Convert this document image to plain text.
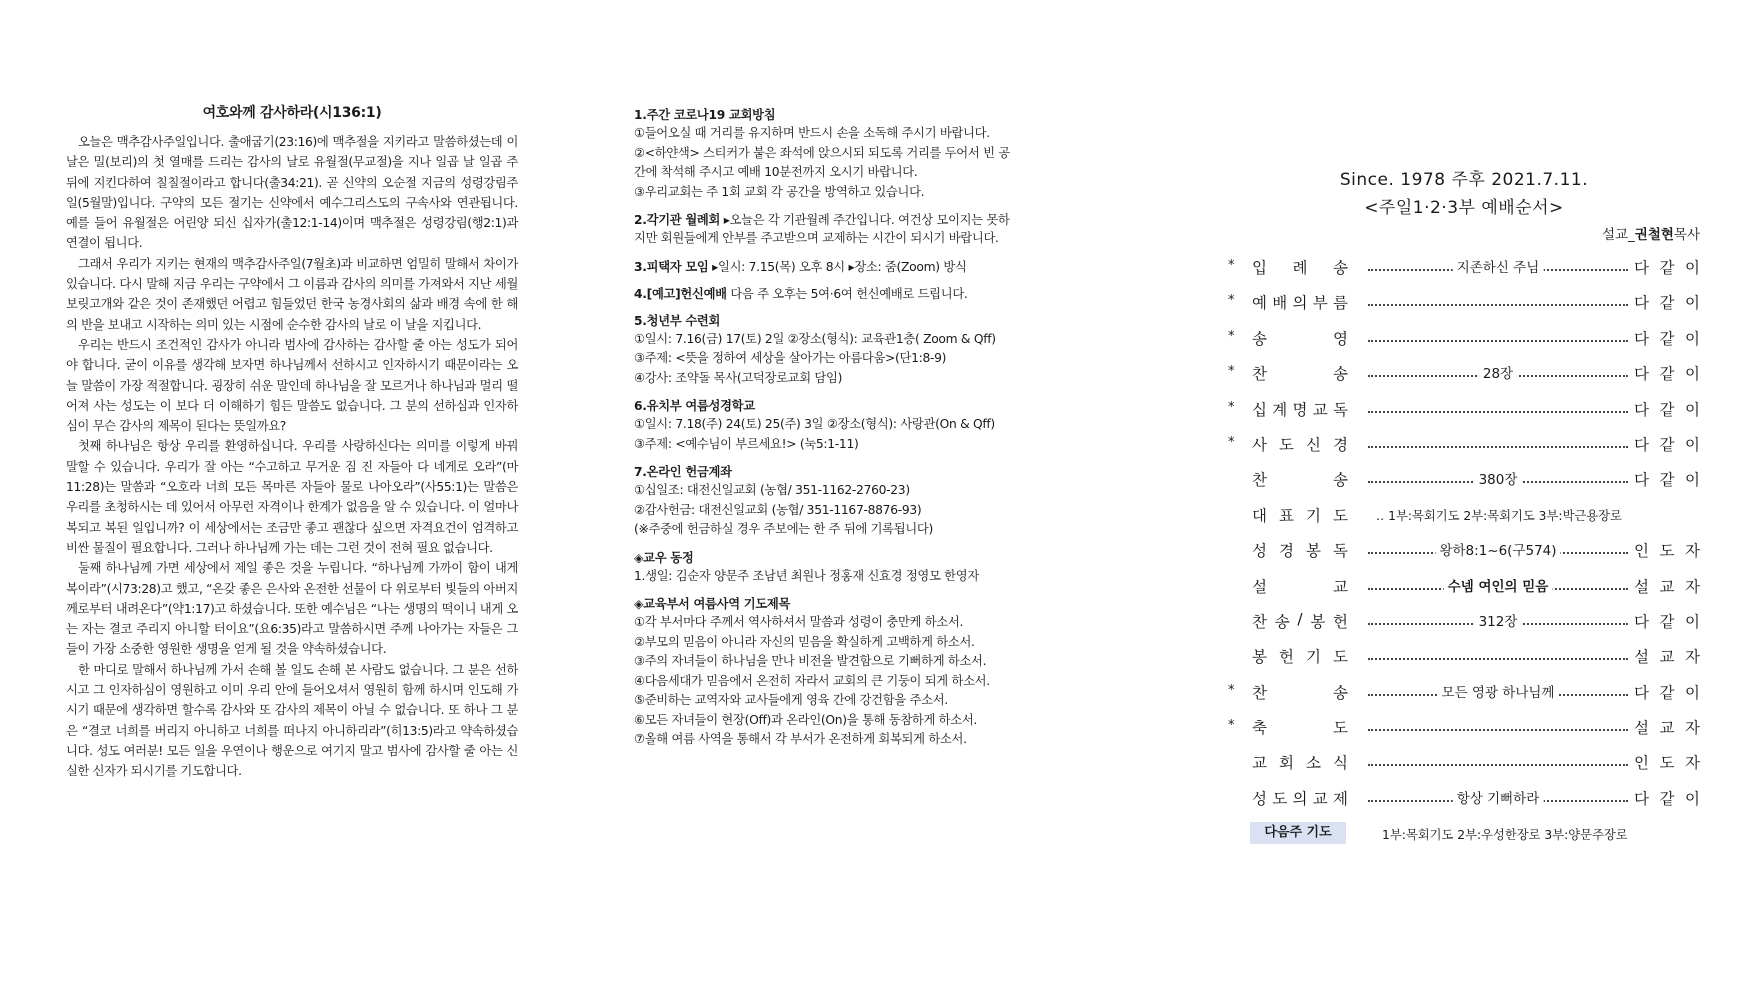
여호와께 감사하라(시136:1)

오늘은 맥추감사주일입니다. 출애굽기(23:16)에 맥추절을 지키라고 말씀하셨는데 이 날은 밀(보리)의 첫 열매를 드리는 감사의 날로 유월절(무교절)을 지나 일곱 날 일곱 주 뒤에 지킨다하여 칠칠절이라고 합니다(출34:21). 곧 신약의 오순절 지금의 성령강림주일(5월말)입니다. 구약의 모든 절기는 신약에서 예수그리스도의 구속사와 연관됩니다. 예를 들어 유월절은 어린양 되신 십자가(출12:1-14)이며 맥추절은 성령강림(행2:1)과 연결이 됩니다.

그래서 우리가 지키는 현재의 맥추감사주일(7월초)과 비교하면 엄밀히 말해서 차이가 있습니다. 다시 말해 지금 우리는 구약에서 그 이름과 감사의 의미를 가져와서 지난 세월 보릿고개와 같은 것이 존재했던 어렵고 힘들었던 한국 농경사회의 삶과 배경 속에 한 해의 반을 보내고 시작하는 의미 있는 시점에 순수한 감사의 날로 이 날을 지킵니다.

우리는 반드시 조건적인 감사가 아니라 범사에 감사하는 감사할 줄 아는 성도가 되어야 합니다. 굳이 이유를 생각해 보자면 하나님께서 선하시고 인자하시기 때문이라는 오늘 말씀이 가장 적절합니다. 굉장히 쉬운 말인데 하나님을 잘 모르거나 하나님과 멀리 떨어져 사는 성도는 이 보다 더 이해하기 힘든 말씀도 없습니다. 그 분의 선하심과 인자하심이 무슨 감사의 제목이 된다는 뜻일까요?

첫째 하나님은 항상 우리를 환영하십니다. 우리를 사랑하신다는 의미를 이렇게 바꿔 말할 수 있습니다. 우리가 잘 아는 “수고하고 무거운 짐 진 자들아 다 네게로 오라”(마11:28)는 말씀과 “오호라 너희 모든 목마른 자들아 물로 나아오라”(사55:1)는 말씀은 우리를 초청하시는 데 있어서 아무런 자격이나 한계가 없음을 알 수 있습니다. 이 얼마나 복되고 복된 일입니까? 이 세상에서는 조금만 좋고 괜찮다 싶으면 자격요건이 엄격하고 비싼 물질이 필요합니다. 그러나 하나님께 가는 데는 그런 것이 전혀 필요 없습니다.

둘째 하나님께 가면 세상에서 제일 좋은 것을 누립니다. “하나님께 가까이 함이 내게 복이라”(시73:28)고 했고, “온갖 좋은 은사와 온전한 선물이 다 위로부터 빛들의 아버지께로부터 내려온다”(약1:17)고 하셨습니다. 또한 예수님은 “나는 생명의 떡이니 내게 오는 자는 결코 주리지 아니할 터이요”(요6:35)라고 말씀하시면 주께 나아가는 자들은 그들이 가장 소중한 영원한 생명을 얻게 될 것을 약속하셨습니다.

한 마디로 말해서 하나님께 가서 손해 볼 일도 손해 본 사람도 없습니다. 그 분은 선하시고 그 인자하심이 영원하고 이미 우리 안에 들어오셔서 영원히 함께 하시며 인도해 가시기 때문에 생각하면 할수록 감사와 또 감사의 제목이 아닐 수 없습니다. 또 하나 그 분은 “결코 너희를 버리지 아니하고 너희를 떠나지 아니하리라”(히13:5)라고 약속하셨습니다. 성도 여러분! 모든 일을 우연이나 행운으로 여기지 말고 범사에 감사할 줄 아는 신실한 신자가 되시기를 기도합니다.

1.주간 코로나19 교회방침
①들어오실 때 거리를 유지하며 반드시 손을 소독해 주시기 바랍니다.
②<하얀색> 스티커가 붙은 좌석에 앉으시되 되도록 거리를 두어서 빈 공
간에 착석해 주시고 예배 10분전까지 오시기 바랍니다.
③우리교회는 주 1회 교회 각 공간을 방역하고 있습니다.
2.각기관 월례회 ▸오늘은 각 기관월례 주간입니다. 여건상 모이지는 못하
지만 회원들에게 안부를 주고받으며 교제하는 시간이 되시기 바랍니다.
3.피택자 모임 ▸일시: 7.15(목) 오후 8시 ▸장소: 줌(Zoom) 방식
4.[예고]헌신예배 다음 주 오후는 5여·6여 헌신예배로 드립니다.
5.청년부 수련회
①일시: 7.16(금) 17(토) 2일 ②장소(형식): 교육관1층( Zoom & Qff)
③주제: <뜻을 정하여 세상을 살아가는 아름다움>(단1:8-9)
④강사: 조약돌 목사(고덕장로교회 담임)
6.유치부 여름성경학교
①일시: 7.18(주) 24(토) 25(주) 3일 ②장소(형식): 사랑관(On & Qff)
③주제: <예수님이 부르세요!> (눅5:1-11)
7.온라인 헌금계좌
①십일조: 대전신일교회 (농협/ 351-1162-2760-23)
②감사헌금: 대전신일교회 (농협/ 351-1167-8876-93)
(※주중에 헌금하실 경우 주보에는 한 주 뒤에 기록됩니다)
◈교우 동정
1.생일: 김순자 양문주 조남년 최원나 정홍재 신효경 정영모 한영자
◈교육부서 여름사역 기도제목
①각 부서마다 주께서 역사하셔서 말씀과 성령이 충만케 하소서.
②부모의 믿음이 아니라 자신의 믿음을 확실하게 고백하게 하소서.
③주의 자녀들이 하나님을 만나 비전을 발견함으로 기뻐하게 하소서.
④다음세대가 믿음에서 온전히 자라서 교회의 큰 기둥이 되게 하소서.
⑤준비하는 교역자와 교사들에게 영육 간에 강건함을 주소서.
⑥모든 자녀들이 현장(Off)과 온라인(On)을 통해 동참하게 하소서.
⑦올해 여름 사역을 통해서 각 부서가 온전하게 회복되게 하소서.
Since. 1978 주후 2021.7.11.
<주일1·2·3부 예배순서>
설교_권철현목사
* 입 례 송	지존하신 주님	다 같 이
* 예 배 의 부 름	다 같 이
* 송	영	다 같 이
* 찬	송	28장	다 같 이
* 십 계 명 교 독	다 같 이
* 사 도 신 경	다 같 이
찬	송	380장	다 같 이
대 표 기 도 ‥ 1부:목회기도 2부:목회기도 3부:박근용장로
성 경 봉 독	왕하8:1~6(구574)	인 도 자
설	교	수넴 여인의 믿음	설 교 자
찬 송 / 봉 헌	312장	다 같 이
봉 헌 기 도	설 교 자
* 찬	송	모든 영광 하나님께	다 같 이
* 축	도	설 교 자
교 회 소 식	인 도 자
성 도 의 교 제	항상 기뻐하라	다 같 이
다음주 기도	1부:목회기도 2부:우성한장로 3부:양문주장로
